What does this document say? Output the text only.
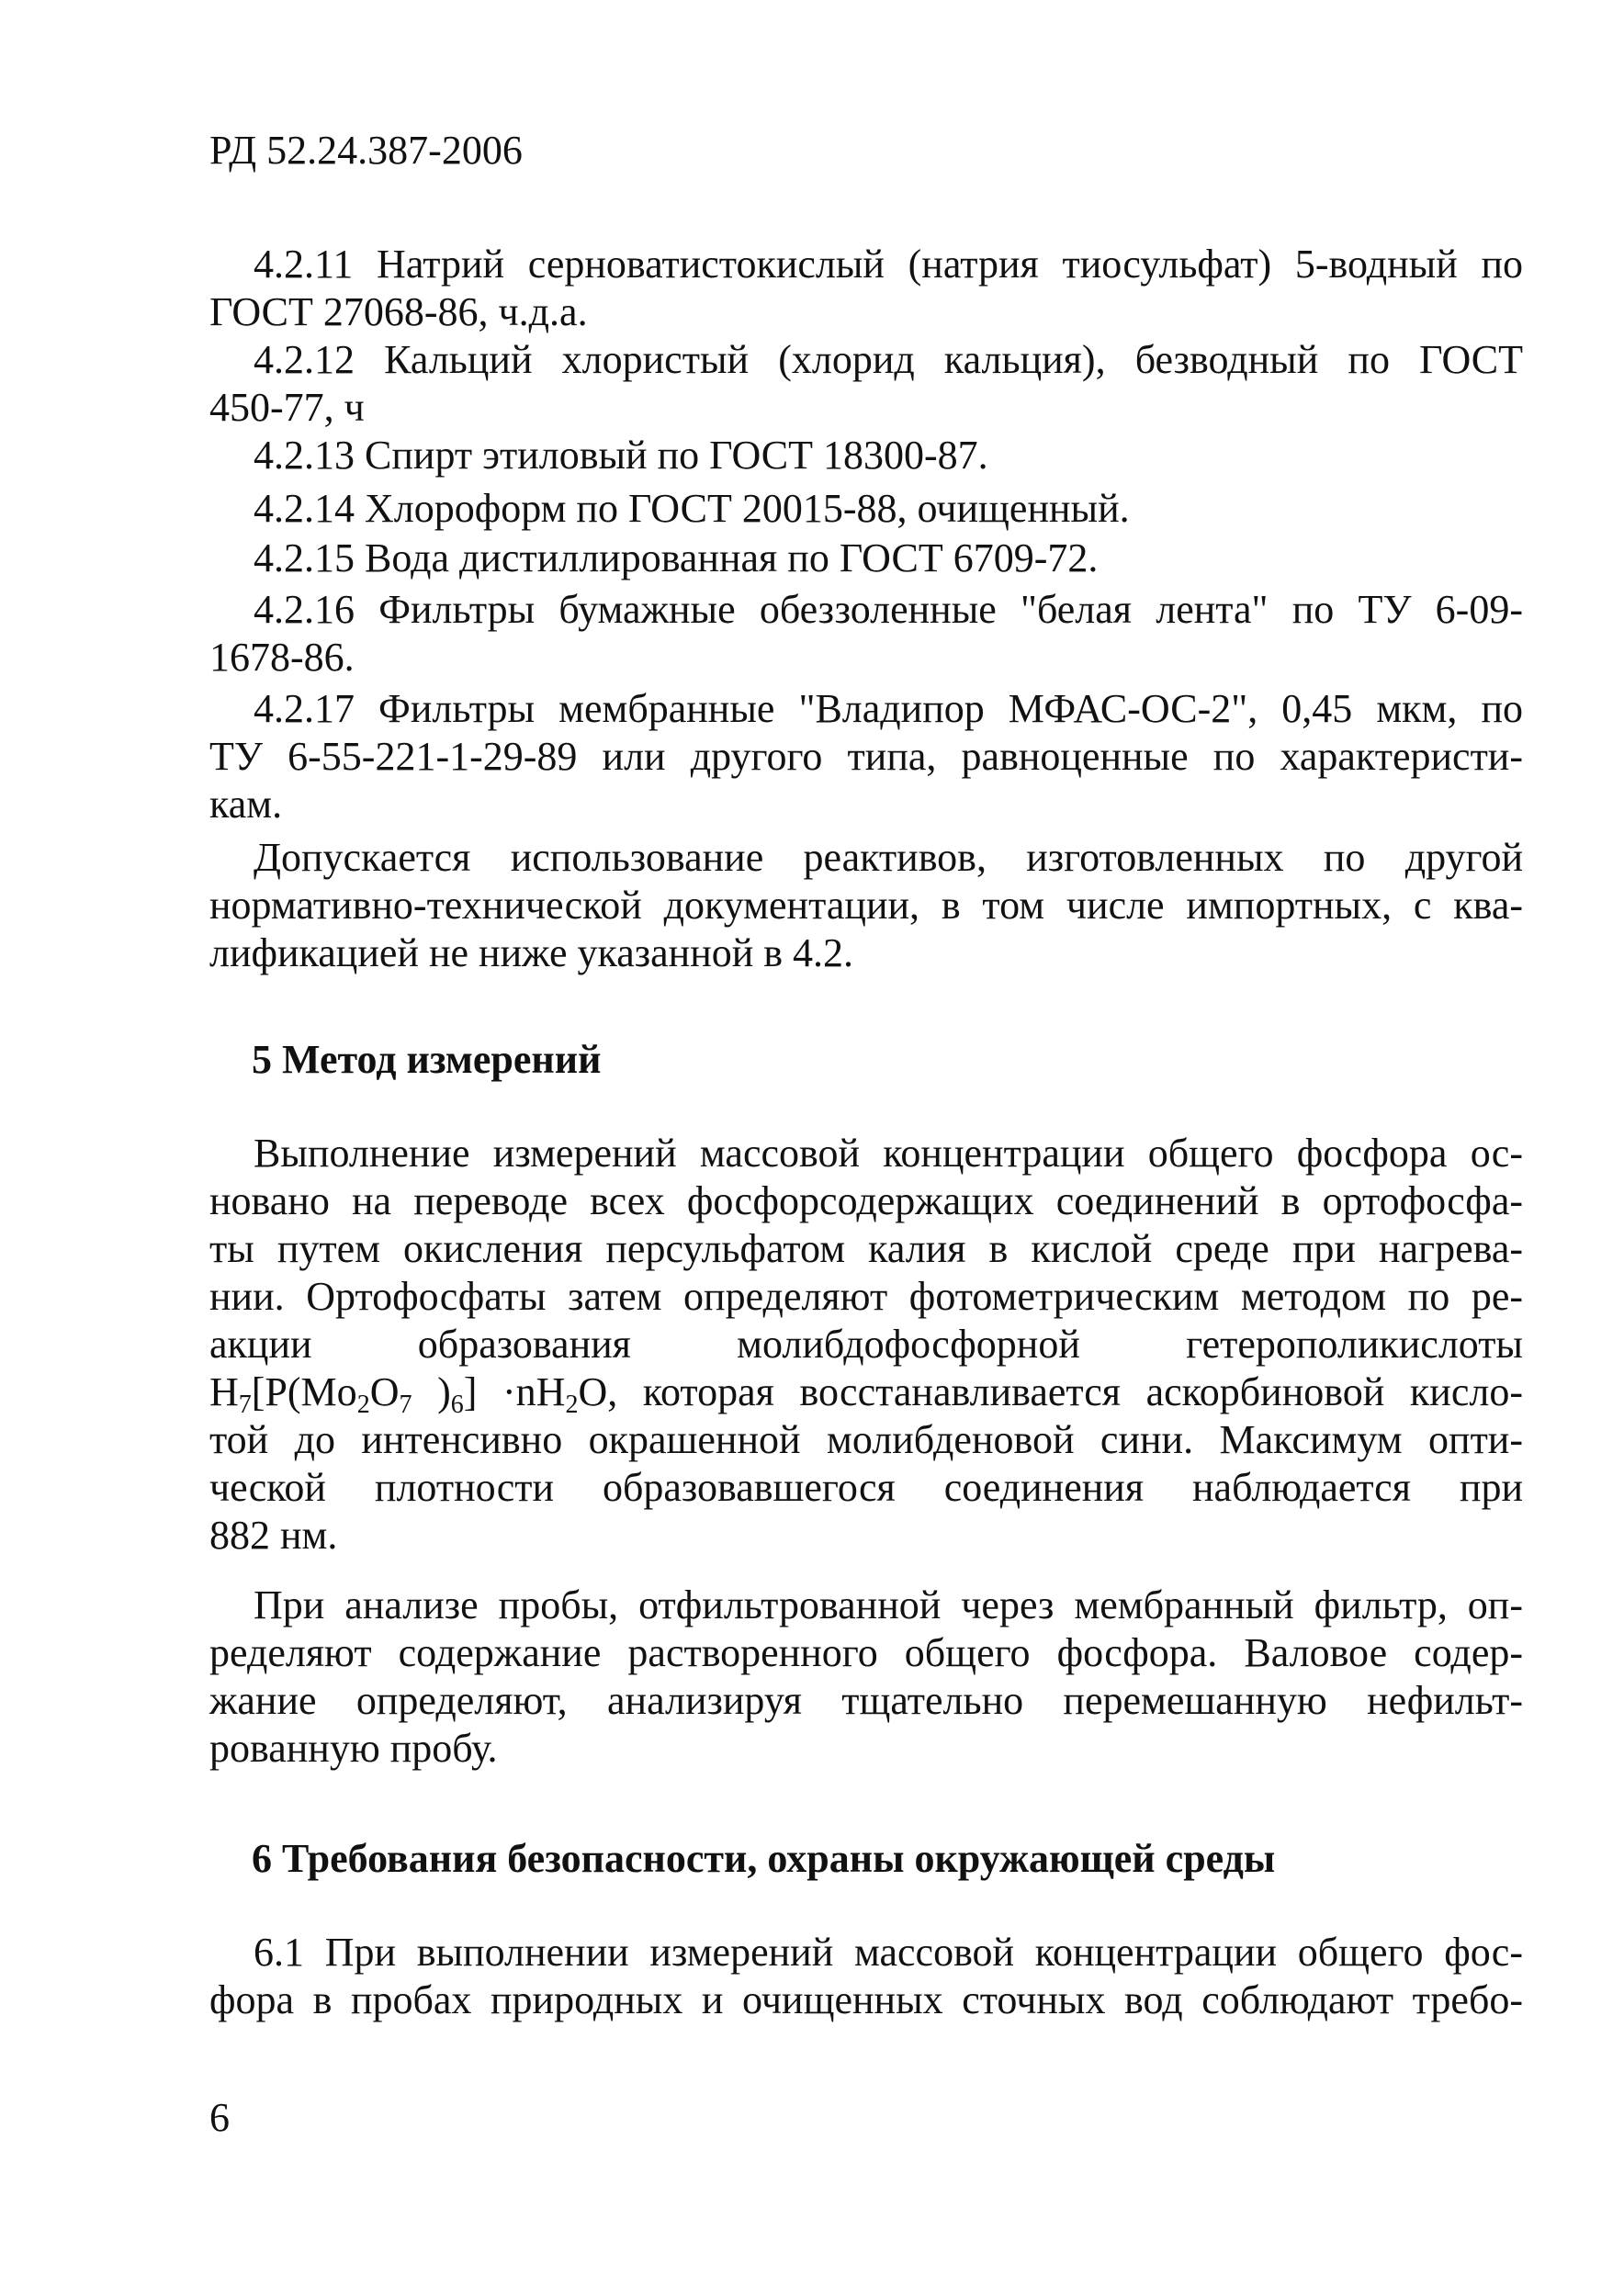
РД 52.24.387-2006
4.2.11 Натрий серноватистокислый (натрия тиосульфат) 5-водный по
ГОСТ 27068-86, ч.д.а.
4.2.12 Кальций хлористый (хлорид кальция), безводный по ГОСТ
450-77, ч
4.2.13 Спирт этиловый по ГОСТ 18300-87.
4.2.14 Хлороформ по ГОСТ 20015-88, очищенный.
4.2.15 Вода дистиллированная по ГОСТ 6709-72.
4.2.16 Фильтры бумажные обеззоленные "белая лента" по ТУ 6-09-
1678-86.
4.2.17 Фильтры мембранные "Владипор МФАС-ОС-2", 0,45 мкм, по
ТУ 6-55-221-1-29-89 или другого типа, равноценные по характеристи-
кам.
Допускается использование реактивов, изготовленных по другой
нормативно-технической документации, в том числе импортных, с ква-
лификацией не ниже указанной в 4.2.
5 Метод измерений
Выполнение измерений массовой концентрации общего фосфора ос-
новано на переводе всех фосфорсодержащих соединений в ортофосфа-
ты путем окисления персульфатом калия в кислой среде при нагрева-
нии. Ортофосфаты затем определяют фотометрическим методом по ре-
акции образования молибдофосфорной гетерополикислоты
$H_7[P(Mo_2O_7$ )$_6] \cdot nH_2O$, которая восстанавливается аскорбиновой кисло-
той до интенсивно окрашенной молибденовой сини. Максимум опти-
ческой плотности образовавшегося соединения наблюдается при
882 нм.
При анализе пробы, отфильтрованной через мембранный фильтр, оп-
ределяют содержание растворенного общего фосфора. Валовое содер-
жание определяют, анализируя тщательно перемешанную нефильт-
рованную пробу.
6 Требования безопасности, охраны окружающей среды
6.1 При выполнении измерений массовой концентрации общего фос-
фора в пробах природных и очищенных сточных вод соблюдают требо-
6
